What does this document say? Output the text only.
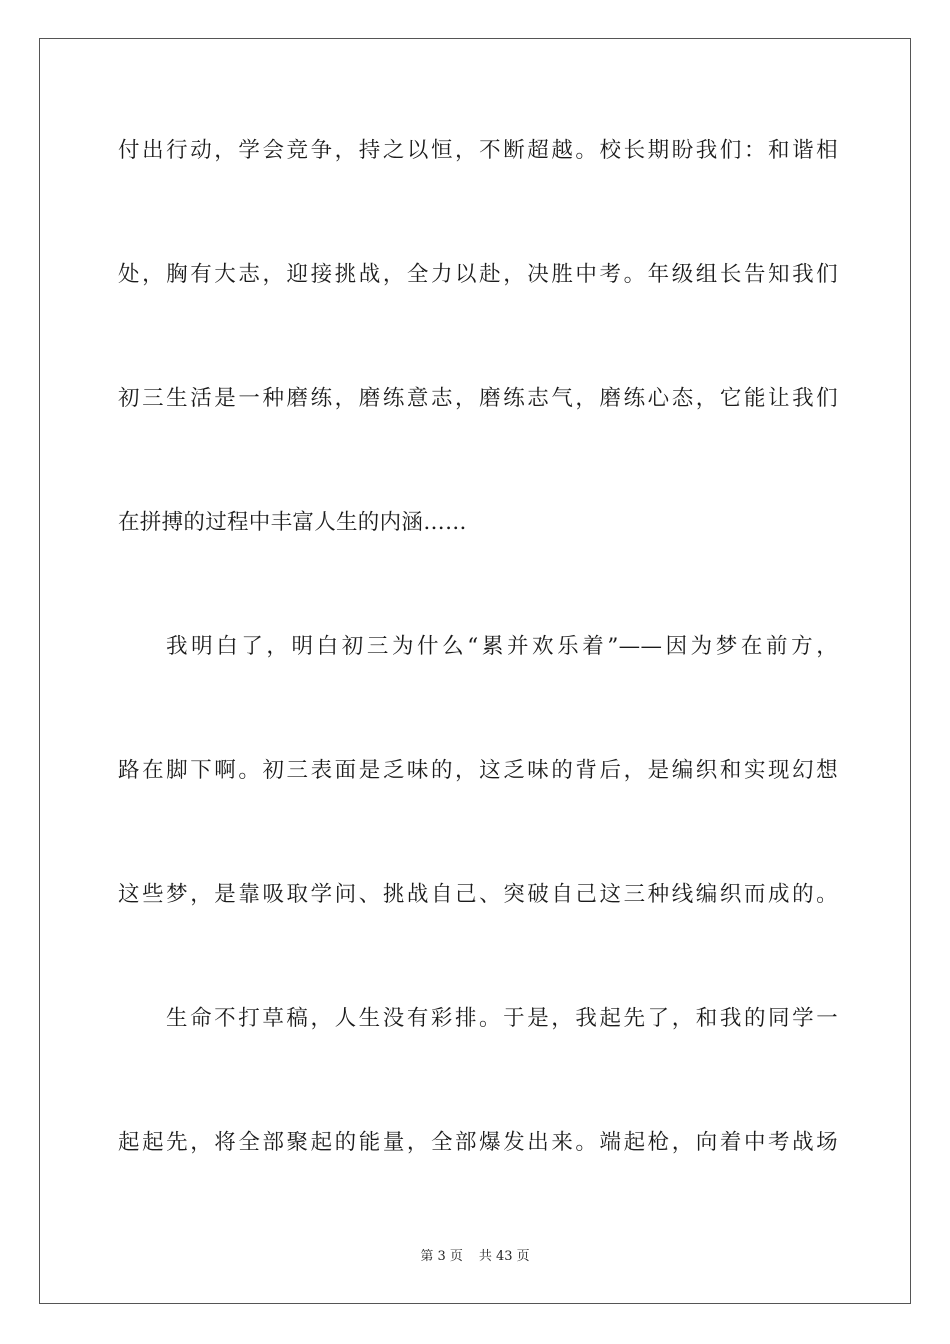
付出行动，学会竞争，持之以恒，不断超越。校长期盼我们：和谐相
处，胸有大志，迎接挑战，全力以赴，决胜中考。年级组长告知我们
初三生活是一种磨练，磨练意志，磨练志气，磨练心态，它能让我们
在拼搏的过程中丰富人生的内涵……
我明白了，明白初三为什么“累并欢乐着”——因为梦在前方，
路在脚下啊。初三表面是乏味的，这乏味的背后，是编织和实现幻想
这些梦，是靠吸取学问、挑战自己、突破自己这三种线编织而成的。
生命不打草稿，人生没有彩排。于是，我起先了，和我的同学一
起起先，将全部聚起的能量，全部爆发出来。端起枪，向着中考战场
第 3 页 共 43 页
